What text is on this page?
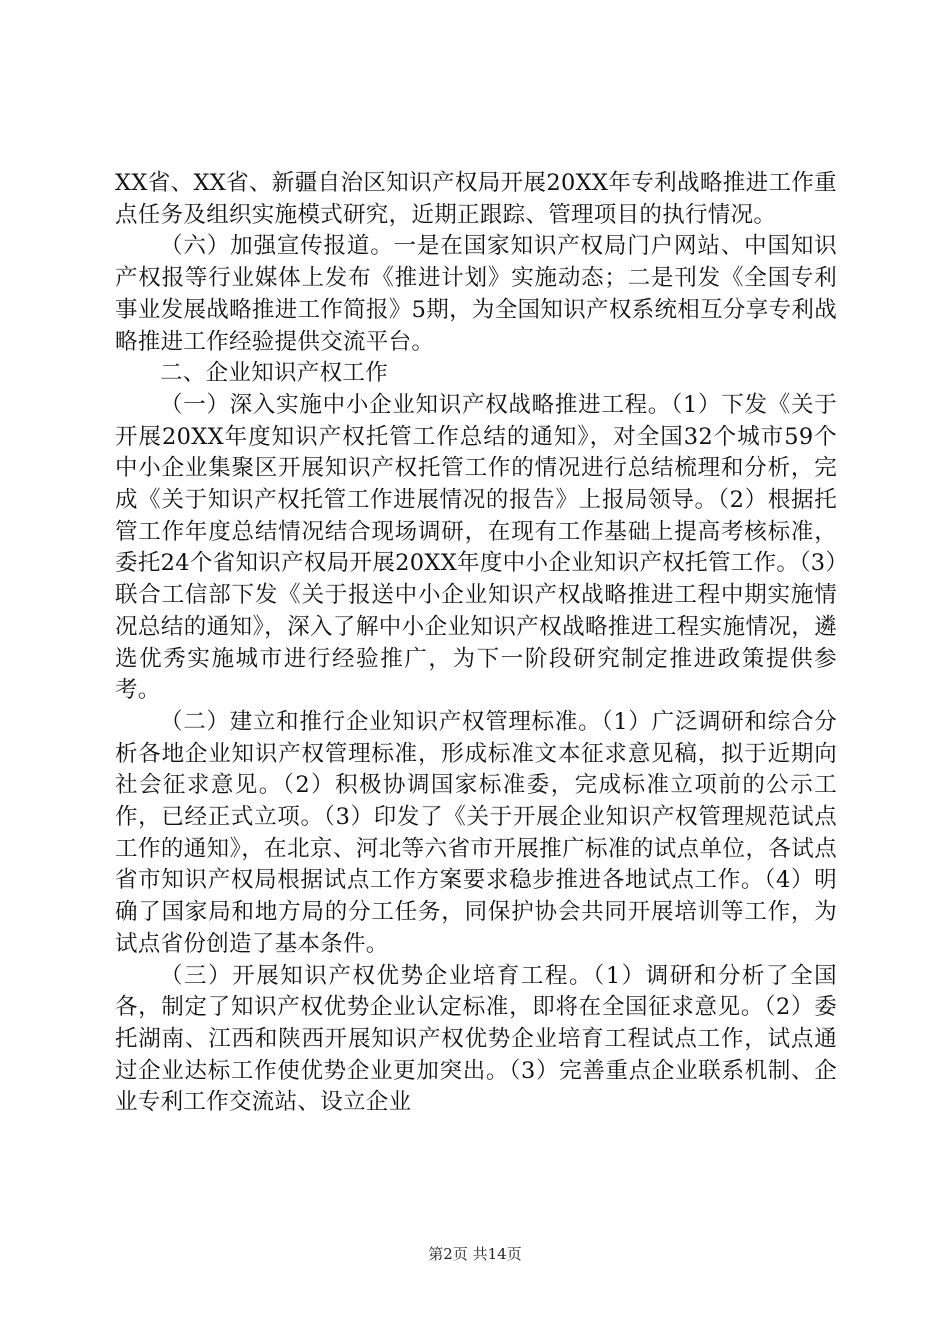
XX省、XX省、新疆自治区知识产权局开展20XX年专利战略推进工作重点任务及组织实施模式研究，近期正跟踪、管理项目的执行情况。

（六）加强宣传报道。一是在国家知识产权局门户网站、中国知识产权报等行业媒体上发布《推进计划》实施动态；二是刊发《全国专利事业发展战略推进工作简报》5期，为全国知识产权系统相互分享专利战略推进工作经验提供交流平台。

二、企业知识产权工作

（一）深入实施中小企业知识产权战略推进工程。（1）下发《关于开展20XX年度知识产权托管工作总结的通知》，对全国32个城市59个中小企业集聚区开展知识产权托管工作的情况进行总结梳理和分析，完成《关于知识产权托管工作进展情况的报告》上报局领导。（2）根据托管工作年度总结情况结合现场调研，在现有工作基础上提高考核标准，委托24个省知识产权局开展20XX年度中小企业知识产权托管工作。（3）联合工信部下发《关于报送中小企业知识产权战略推进工程中期实施情况总结的通知》，深入了解中小企业知识产权战略推进工程实施情况，遴选优秀实施城市进行经验推广，为下一阶段研究制定推进政策提供参考。

（二）建立和推行企业知识产权管理标准。（1）广泛调研和综合分析各地企业知识产权管理标准，形成标准文本征求意见稿，拟于近期向社会征求意见。（2）积极协调国家标准委，完成标准立项前的公示工作，已经正式立项。（3）印发了《关于开展企业知识产权管理规范试点工作的通知》，在北京、河北等六省市开展推广标准的试点单位，各试点省市知识产权局根据试点工作方案要求稳步推进各地试点工作。（4）明确了国家局和地方局的分工任务，同保护协会共同开展培训等工作，为试点省份创造了基本条件。

（三）开展知识产权优势企业培育工程。（1）调研和分析了全国各，制定了知识产权优势企业认定标准，即将在全国征求意见。（2）委托湖南、江西和陕西开展知识产权优势企业培育工程试点工作，试点通过企业达标工作使优势企业更加突出。（3）完善重点企业联系机制、企业专利工作交流站、设立企业

第2页 共14页
